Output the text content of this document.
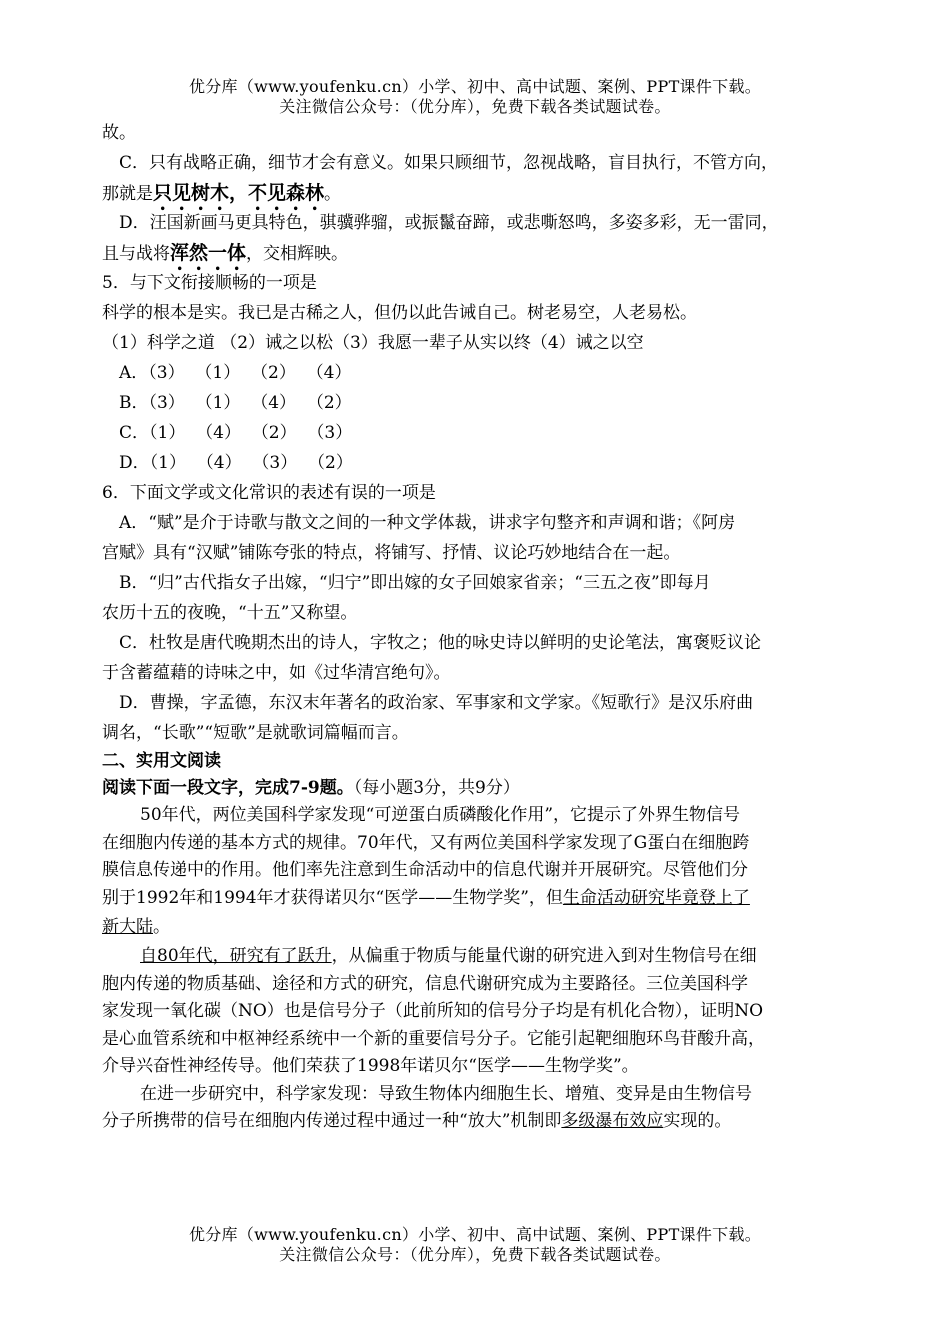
优分库（www.youfenku.cn）小学、初中、高中试题、案例、PPT课件下载。
关注微信公众号：（优分库），免费下载各类试题试卷。
故。
C．只有战略正确，细节才会有意义。如果只顾细节，忽视战略，盲目执行，不管方向，
那就是只见树木，不见森林。
D．汪国新画马更具特色，骐骥骅骝，或振鬣奋蹄，或悲嘶怒鸣，多姿多彩，无一雷同，
且与战将浑然一体，交相辉映。
5．与下文衔接顺畅的一项是
科学的根本是实。我已是古稀之人，但仍以此告诫自己。树老易空，人老易松。
（1）科学之道 （2）诫之以松（3）我愿一辈子从实以终（4）诫之以空
A．（3）  （1）  （2）  （4）
B．（3）  （1）  （4）  （2）
C．（1）  （4）  （2）  （3）
D．（1）  （4）  （3）  （2）
6．下面文学或文化常识的表述有误的一项是
A．“赋”是介于诗歌与散文之间的一种文学体裁，讲求字句整齐和声调和谐；《阿房
宫赋》具有“汉赋”铺陈夸张的特点，将铺写、抒情、议论巧妙地结合在一起。
B．“归”古代指女子出嫁，“归宁”即出嫁的女子回娘家省亲；“三五之夜”即每月
农历十五的夜晚，“十五”又称望。
C．杜牧是唐代晚期杰出的诗人，字牧之；他的咏史诗以鲜明的史论笔法，寓褒贬议论
于含蓄蕴藉的诗味之中，如《过华清宫绝句》。
D．曹操，字孟德，东汉末年著名的政治家、军事家和文学家。《短歌行》是汉乐府曲
调名，“长歌”“短歌”是就歌词篇幅而言。
二、实用文阅读
阅读下面一段文字，完成7-9题。（每小题3分，共9分）
50年代，两位美国科学家发现“可逆蛋白质磷酸化作用”，它提示了外界生物信号
在细胞内传递的基本方式的规律。70年代，又有两位美国科学家发现了G蛋白在细胞跨
膜信息传递中的作用。他们率先注意到生命活动中的信息代谢并开展研究。尽管他们分
别于1992年和1994年才获得诺贝尔“医学——生物学奖”，但生命活动研究毕竟登上了
新大陆。
自80年代，研究有了跃升，从偏重于物质与能量代谢的研究进入到对生物信号在细
胞内传递的物质基础、途径和方式的研究，信息代谢研究成为主要路径。三位美国科学
家发现一氧化碳（NO）也是信号分子（此前所知的信号分子均是有机化合物），证明NO
是心血管系统和中枢神经系统中一个新的重要信号分子。它能引起靶细胞环鸟苷酸升高，
介导兴奋性神经传导。他们荣获了1998年诺贝尔“医学——生物学奖”。
在进一步研究中，科学家发现：导致生物体内细胞生长、增殖、变异是由生物信号
分子所携带的信号在细胞内传递过程中通过一种“放大”机制即多级瀑布效应实现的。
优分库（www.youfenku.cn）小学、初中、高中试题、案例、PPT课件下载。
关注微信公众号：（优分库），免费下载各类试题试卷。
